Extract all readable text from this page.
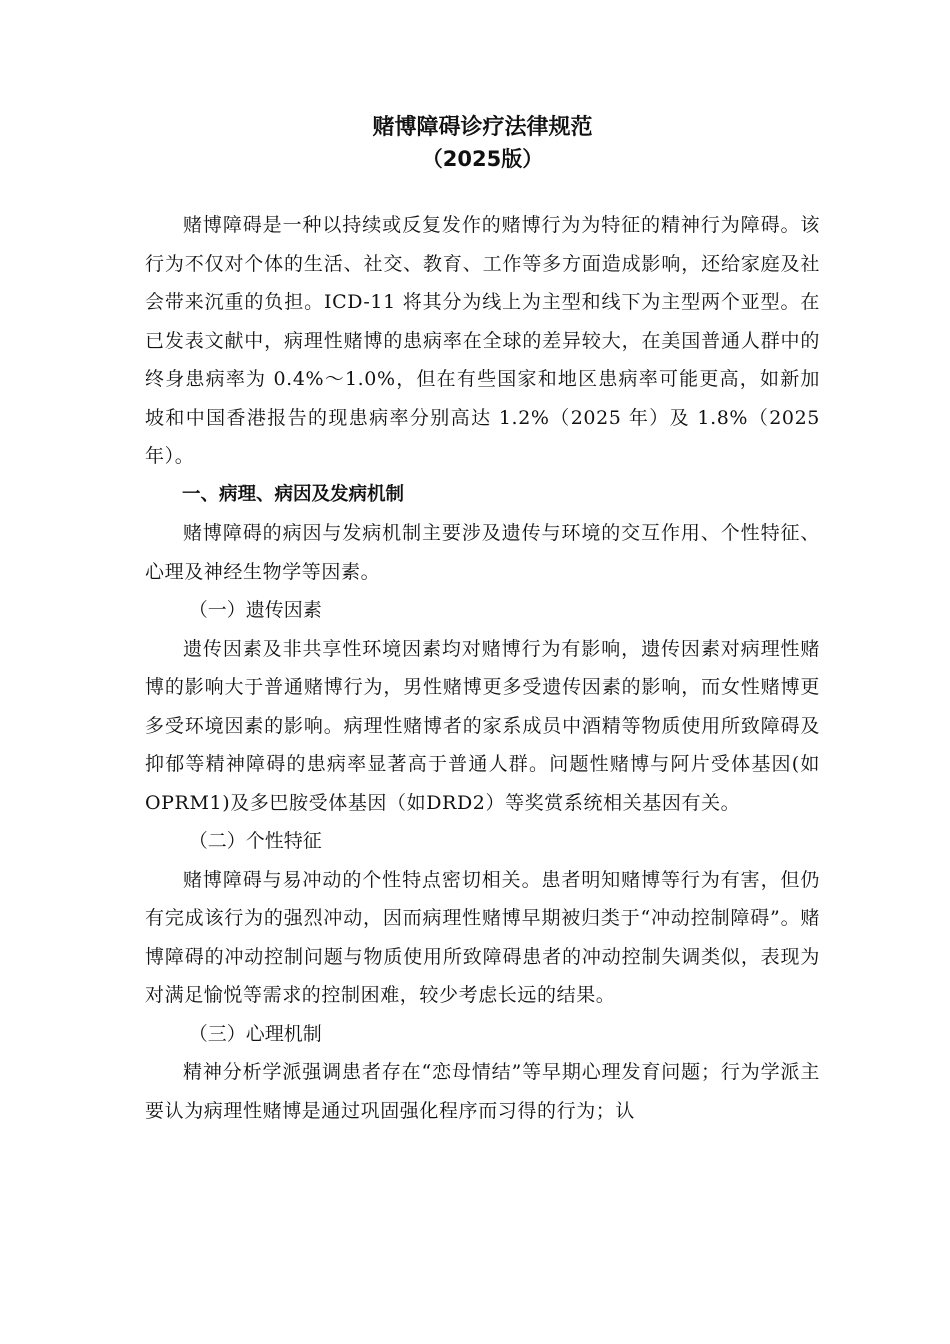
赌博障碍诊疗法律规范
（2025版）

赌博障碍是一种以持续或反复发作的赌博行为为特征的精神行为障碍。该行为不仅对个体的生活、社交、教育、工作等多方面造成影响，还给家庭及社会带来沉重的负担。ICD-11 将其分为线上为主型和线下为主型两个亚型。在已发表文献中，病理性赌博的患病率在全球的差异较大，在美国普通人群中的终身患病率为 0.4%～1.0%，但在有些国家和地区患病率可能更高，如新加坡和中国香港报告的现患病率分别高达 1.2%（2025 年）及 1.8%（2025 年）。

一、病理、病因及发病机制

赌博障碍的病因与发病机制主要涉及遗传与环境的交互作用、个性特征、心理及神经生物学等因素。

（一）遗传因素

遗传因素及非共享性环境因素均对赌博行为有影响，遗传因素对病理性赌博的影响大于普通赌博行为，男性赌博更多受遗传因素的影响，而女性赌博更多受环境因素的影响。病理性赌博者的家系成员中酒精等物质使用所致障碍及抑郁等精神障碍的患病率显著高于普通人群。问题性赌博与阿片受体基因(如OPRM1)及多巴胺受体基因（如DRD2）等奖赏系统相关基因有关。

（二）个性特征

赌博障碍与易冲动的个性特点密切相关。患者明知赌博等行为有害，但仍有完成该行为的强烈冲动，因而病理性赌博早期被归类于“冲动控制障碍”。赌博障碍的冲动控制问题与物质使用所致障碍患者的冲动控制失调类似，表现为对满足愉悦等需求的控制困难，较少考虑长远的结果。

（三）心理机制

精神分析学派强调患者存在“恋母情结”等早期心理发育问题；行为学派主要认为病理性赌博是通过巩固强化程序而习得的行为；认
